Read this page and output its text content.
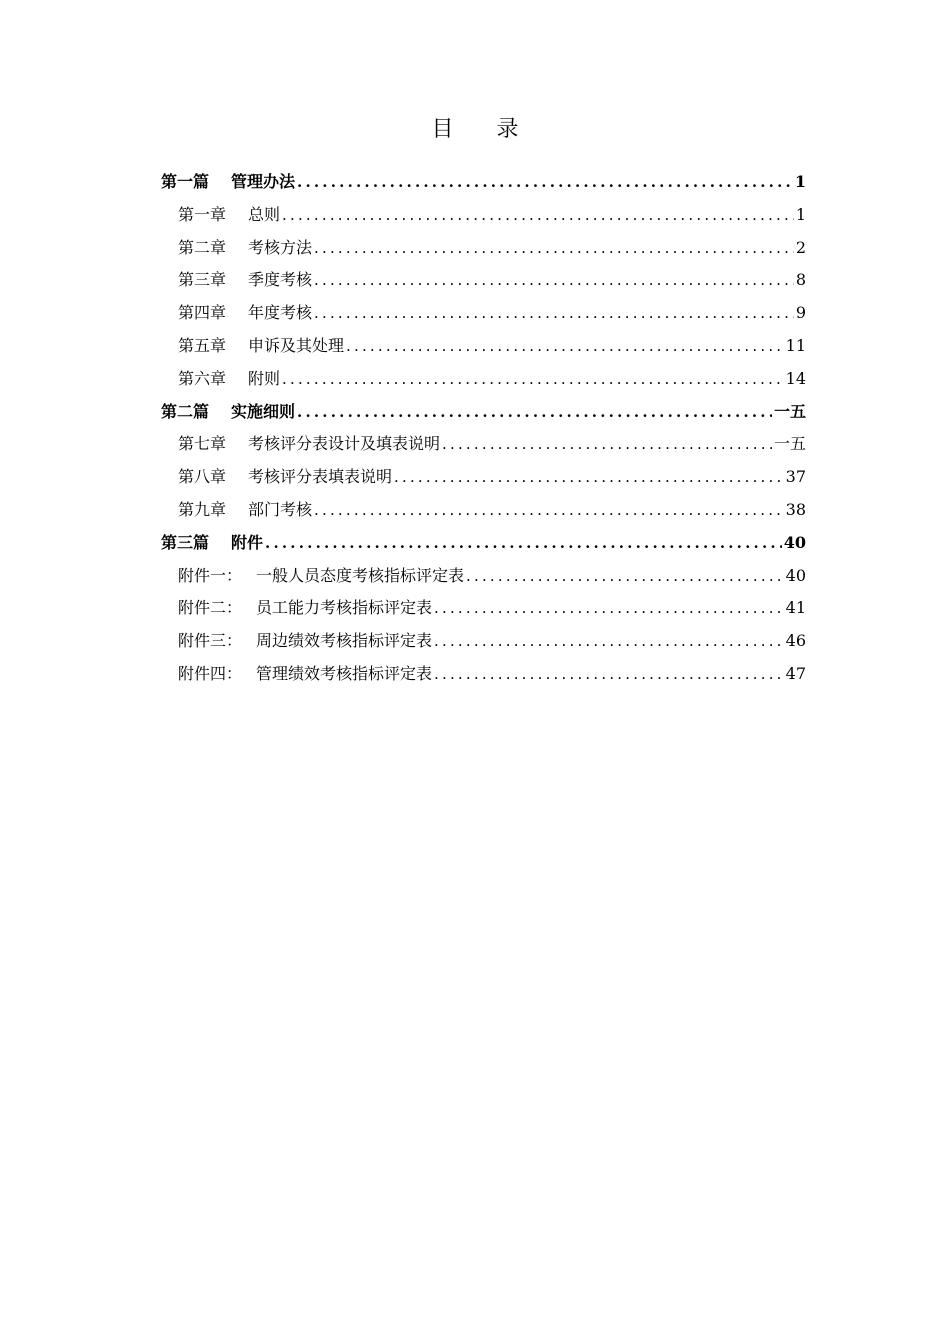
目 录
第一篇 管理办法 .....	1
第一章 总则 .....	1
第二章 考核方法 .....	2
第三章 季度考核 .....	8
第四章 年度考核 .....	9
第五章 申诉及其处理 .....	11
第六章 附则 .....	14
第二篇 实施细则 .....	一五
第七章 考核评分表设计及填表说明 .....	一五
第八章 考核评分表填表说明 .....	37
第九章 部门考核 .....	38
第三篇 附件 .....	40
附件一： 一般人员态度考核指标评定表 .....	40
附件二： 员工能力考核指标评定表 .....	41
附件三： 周边绩效考核指标评定表 .....	46
附件四： 管理绩效考核指标评定表 .....	47
